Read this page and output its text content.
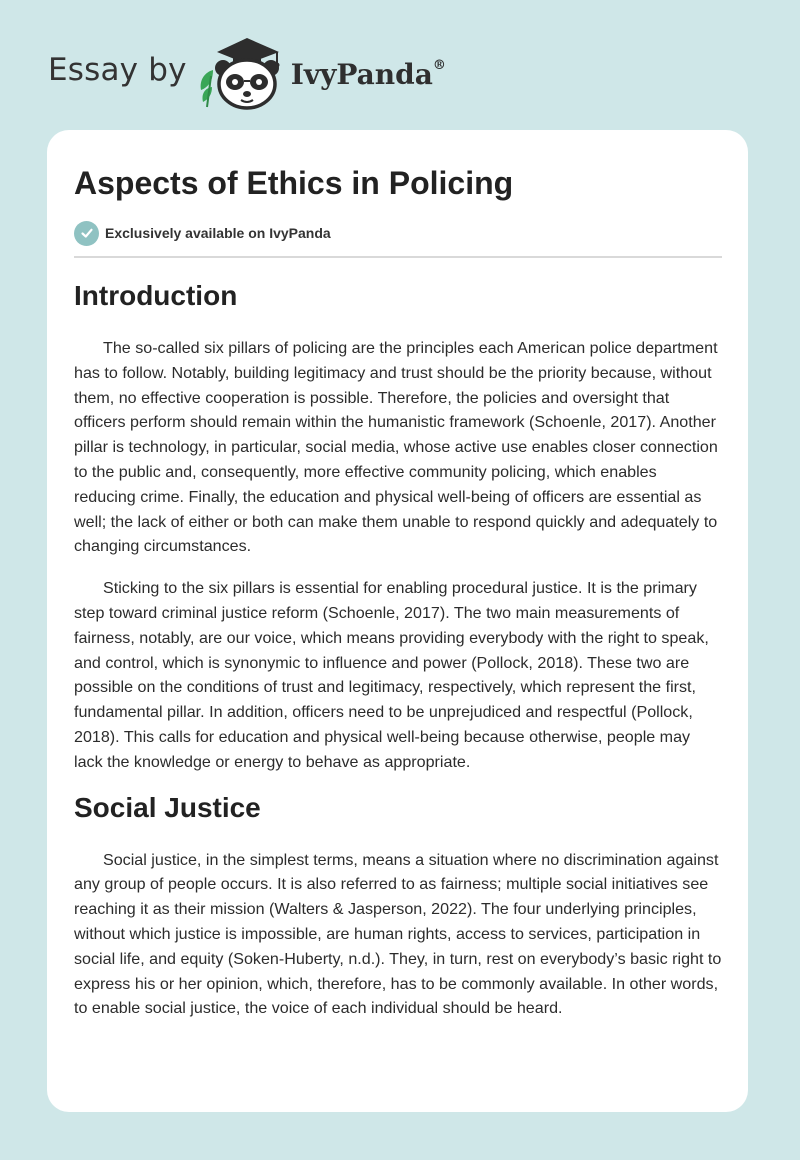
Essay by	IvyPanda®
Aspects of Ethics in Policing
Exclusively available on IvyPanda
Introduction

The so-called six pillars of policing are the principles each American police department has to follow. Notably, building legitimacy and trust should be the priority because, without them, no effective cooperation is possible. Therefore, the policies and oversight that officers perform should remain within the humanistic framework (Schoenle, 2017). Another pillar is technology, in particular, social media, whose active use enables closer connection to the public and, consequently, more effective community policing, which enables reducing crime. Finally, the education and physical well-being of officers are essential as well; the lack of either or both can make them unable to respond quickly and adequately to changing circumstances.

Sticking to the six pillars is essential for enabling procedural justice. It is the primary step toward criminal justice reform (Schoenle, 2017). The two main measurements of fairness, notably, are our voice, which means providing everybody with the right to speak, and control, which is synonymic to influence and power (Pollock, 2018). These two are possible on the conditions of trust and legitimacy, respectively, which represent the first, fundamental pillar. In addition, officers need to be unprejudiced and respectful (Pollock, 2018). This calls for education and physical well-being because otherwise, people may lack the knowledge or energy to behave as appropriate.

Social Justice

Social justice, in the simplest terms, means a situation where no discrimination against any group of people occurs. It is also referred to as fairness; multiple social initiatives see reaching it as their mission (Walters & Jasperson, 2022). The four underlying principles, without which justice is impossible, are human rights, access to services, participation in social life, and equity (Soken-Huberty, n.d.). They, in turn, rest on everybody’s basic right to express his or her opinion, which, therefore, has to be commonly available. In other words, to enable social justice, the voice of each individual should be heard.
